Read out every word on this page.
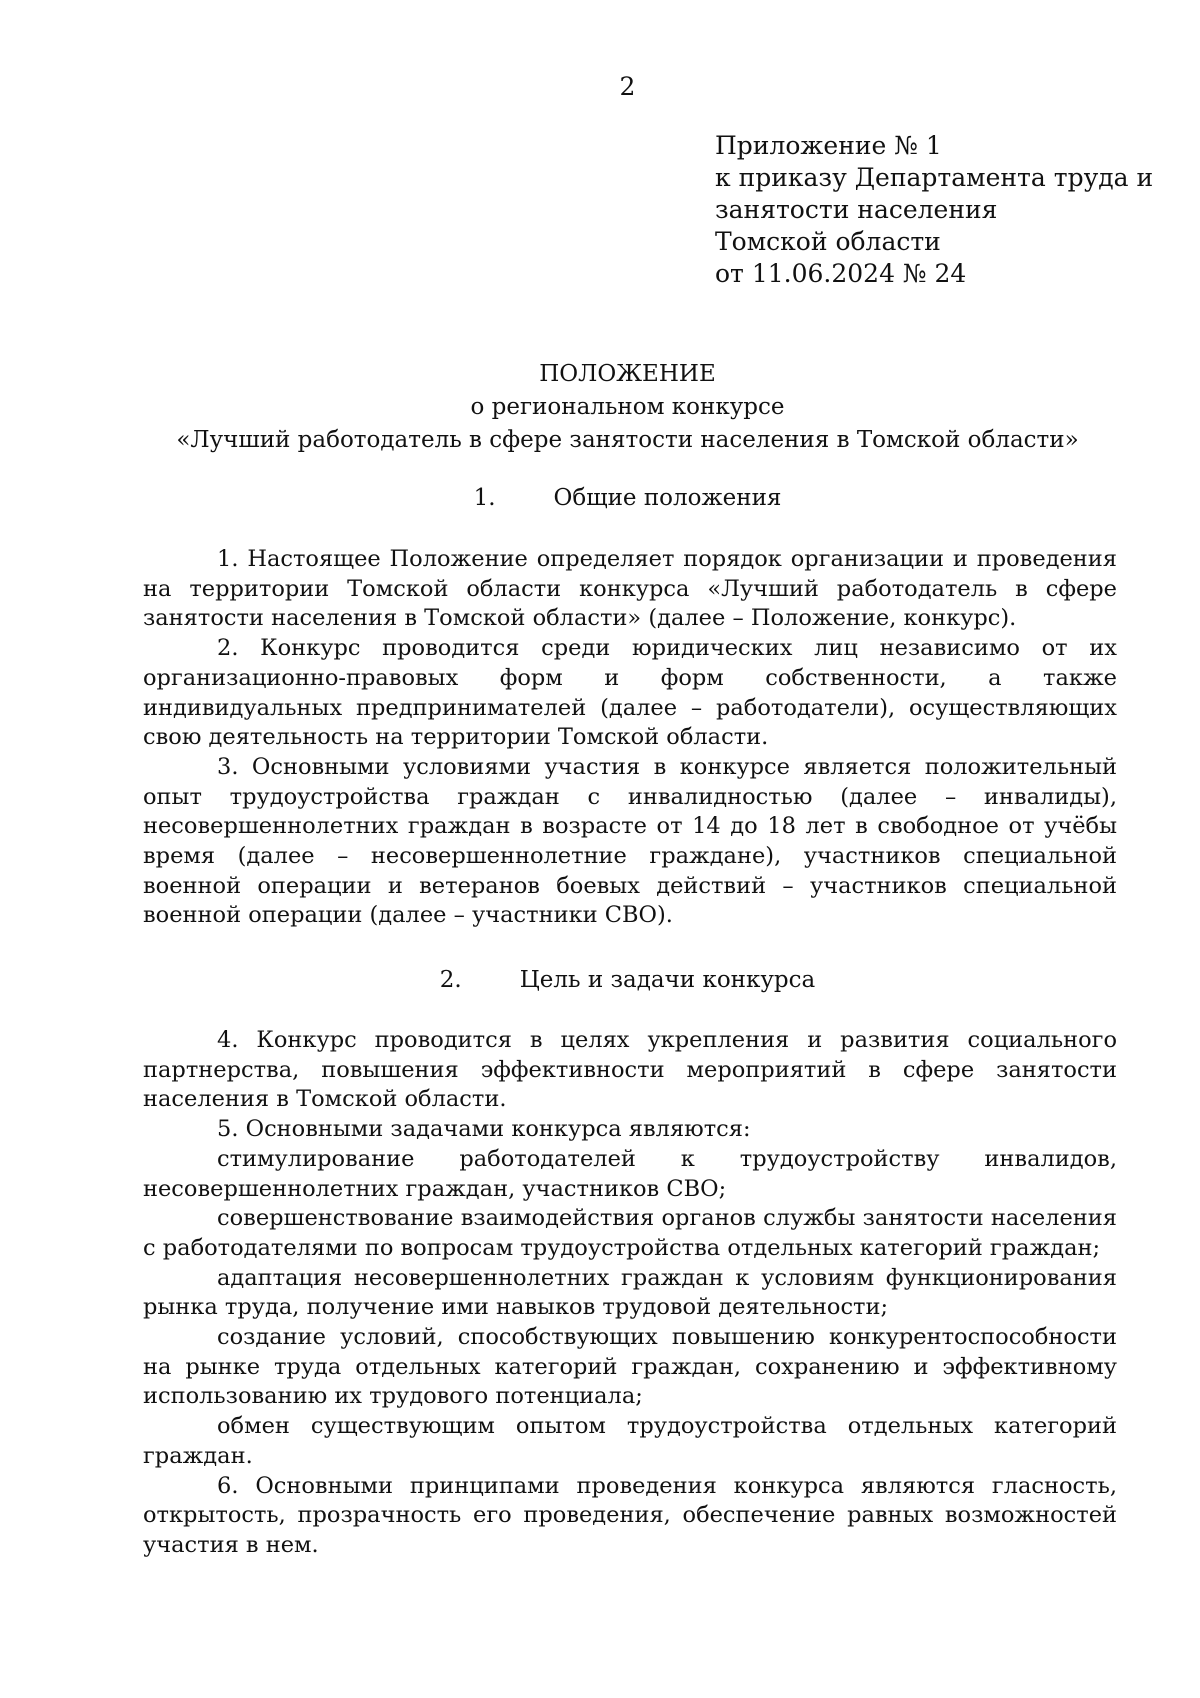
2
Приложение № 1
к приказу Департамента труда и
занятости населения
Томской области
от 11.06.2024 № 24
ПОЛОЖЕНИЕ
о региональном конкурсе
«Лучший работодатель в сфере занятости населения в Томской области»
1.	Общие положения

1. Настоящее Положение определяет порядок организации и проведения на территории Томской области конкурса «Лучший работодатель в сфере занятости населения в Томской области» (далее – Положение, конкурс).

2. Конкурс проводится среди юридических лиц независимо от их организационно-правовых форм и форм собственности, а также индивидуальных предпринимателей (далее – работодатели), осуществляющих свою деятельность на территории Томской области.

3. Основными условиями участия в конкурсе является положительный опыт трудоустройства граждан с инвалидностью (далее – инвалиды), несовершеннолетних граждан в возрасте от 14 до 18 лет в свободное от учёбы время (далее – несовершеннолетние граждане), участников специальной военной операции и ветеранов боевых действий – участников специальной военной операции (далее – участники СВО).

2.	Цель и задачи конкурса

4. Конкурс проводится в целях укрепления и развития социального партнерства, повышения эффективности мероприятий в сфере занятости населения в Томской области.

5. Основными задачами конкурса являются:

стимулирование работодателей к трудоустройству инвалидов, несовершеннолетних граждан, участников СВО;

совершенствование взаимодействия органов службы занятости населения с работодателями по вопросам трудоустройства отдельных категорий граждан;

адаптация несовершеннолетних граждан к условиям функционирования рынка труда, получение ими навыков трудовой деятельности;

создание условий, способствующих повышению конкурентоспособности на рынке труда отдельных категорий граждан, сохранению и эффективному использованию их трудового потенциала;

обмен существующим опытом трудоустройства отдельных категорий граждан.

6. Основными принципами проведения конкурса являются гласность, открытость, прозрачность его проведения, обеспечение равных возможностей участия в нем.
